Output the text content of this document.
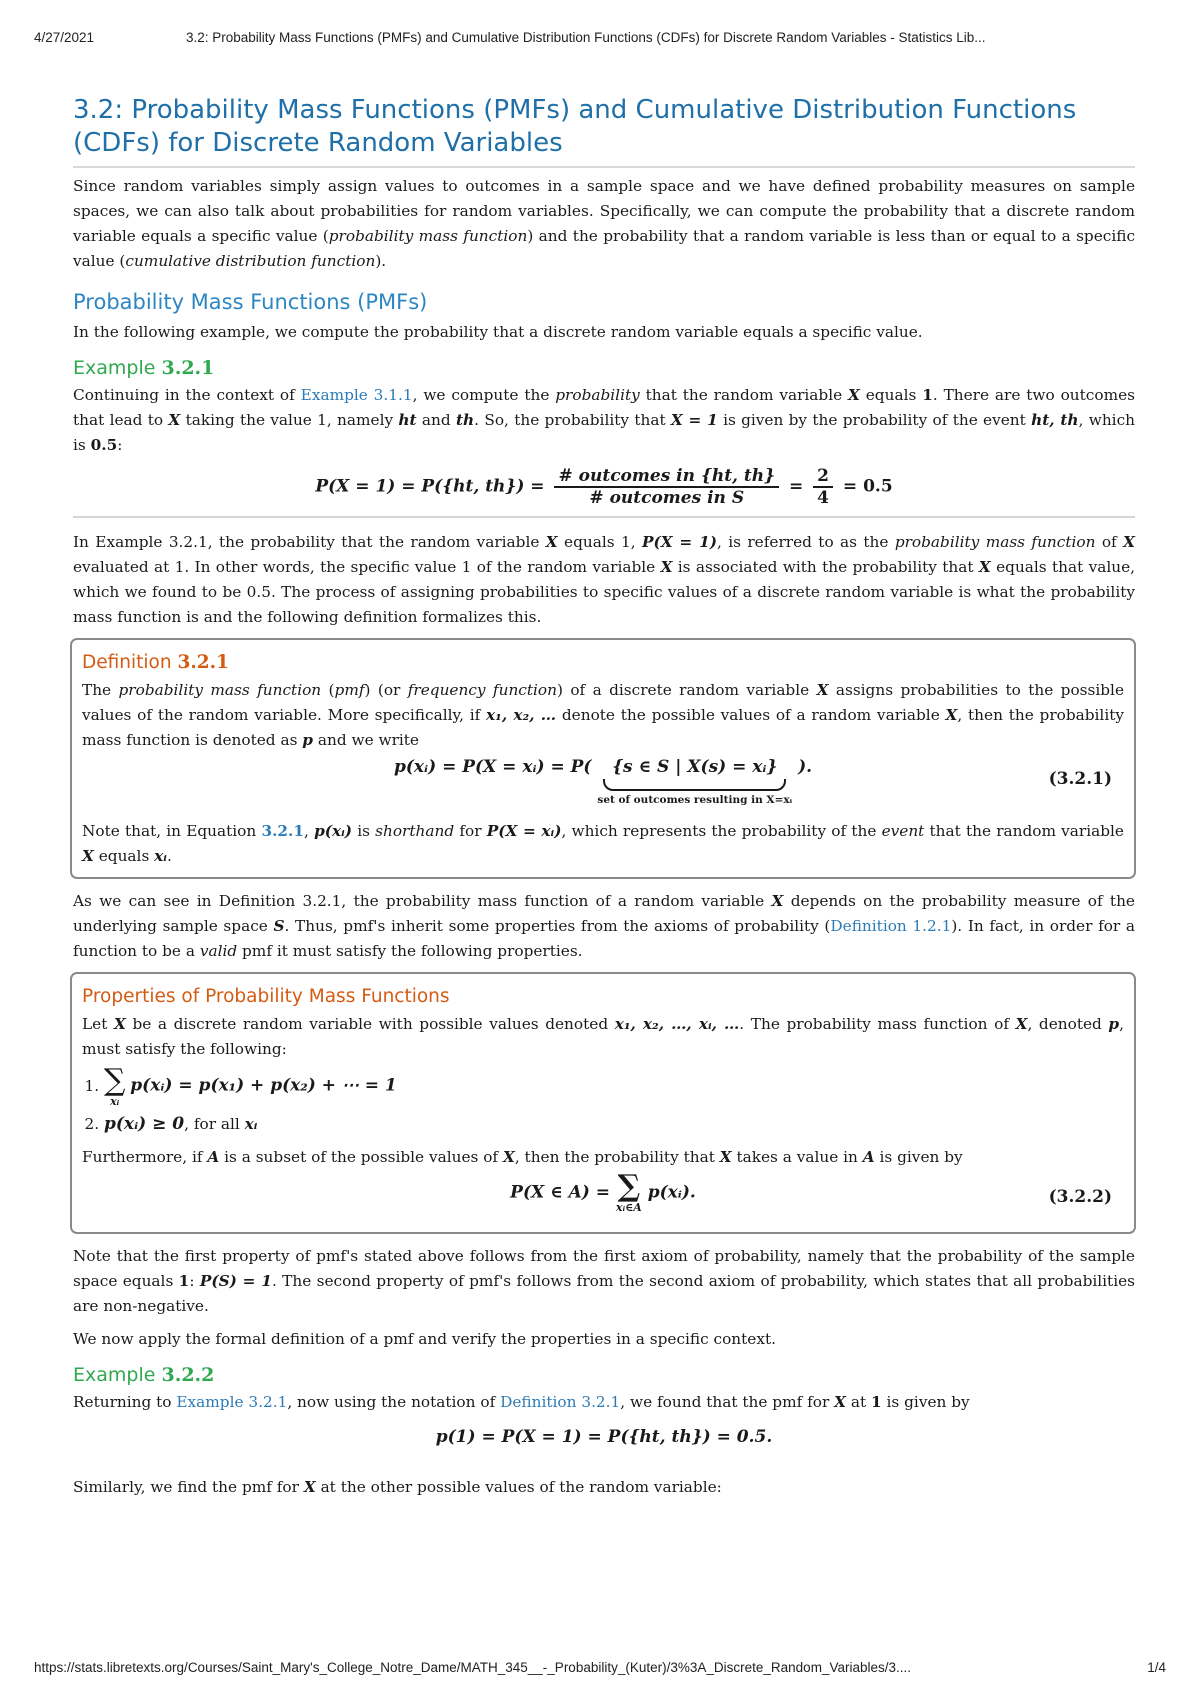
4/27/2021	3.2: Probability Mass Functions (PMFs) and Cumulative Distribution Functions (CDFs) for Discrete Random Variables - Statistics Lib...
3.2: Probability Mass Functions (PMFs) and Cumulative Distribution Functions (CDFs) for Discrete Random Variables

Since random variables simply assign values to outcomes in a sample space and we have defined probability measures on sample spaces, we can also talk about probabilities for random variables. Specifically, we can compute the probability that a discrete random variable equals a specific value (probability mass function) and the probability that a random variable is less than or equal to a specific value (cumulative distribution function).

Probability Mass Functions (PMFs)

In the following example, we compute the probability that a discrete random variable equals a specific value.

Example 3.2.1

Continuing in the context of Example 3.1.1, we compute the probability that the random variable X equals 1. There are two outcomes that lead to X taking the value 1, namely ht and th. So, the probability that X = 1 is given by the probability of the event ht, th, which is 0.5:

P(X = 1) = P({ht, $th\}) = \frac{\text{\# outcomes in \{ht, th\}}}{\text{\# outcomes in S}} = \frac{2}{4} = 0.5$

In Example 3.2.1, the probability that the random variable X equals 1, P(X = 1), is referred to as the probability mass function of X evaluated at 1. In other words, the specific value 1 of the random variable X is associated with the probability that X equals that value, which we found to be 0.5. The process of assigning probabilities to specific values of a discrete random variable is what the probability mass function is and the following definition formalizes this.

Definition 3.2.1

The probability mass function (pmf) (or frequency function) of a discrete random variable X assigns probabilities to the possible values of the random variable. More specifically, if x₁, x₂, … denote the possible values of a random variable X, then the probability mass function is denoted as p and we write

p(xᵢ) = P(X = xᵢ) = P( {s ∈ S | X(s) = xᵢ}
set of outcomes resulting in X=xᵢ
).
(3.2.1)

Note that, in Equation 3.2.1, p(xᵢ) is shorthand for P(X = xᵢ), which represents the probability of the event that the random variable X equals xᵢ.

As we can see in Definition 3.2.1, the probability mass function of a random variable X depends on the probability measure of the underlying sample space S. Thus, pmf's inherit some properties from the axioms of probability (Definition 1.2.1). In fact, in order for a function to be a valid pmf it must satisfy the following properties.

Properties of Probability Mass Functions

Let X be a discrete random variable with possible values denoted x₁, x₂, …, xᵢ, …. The probability mass function of X, denoted p, must satisfy the following:

1. ∑
xᵢ
p(xᵢ) = p(x₁) + p(x₂) + ⋯ = 1
2. p(xᵢ) ≥ 0, for all xᵢ

Furthermore, if A is a subset of the possible values of X, then the probability that X takes a value in A is given by

P(X ∈ A) = ∑
xᵢ∈A
p(xᵢ).	(3.2.2)

Note that the first property of pmf's stated above follows from the first axiom of probability, namely that the probability of the sample space equals 1: P(S) = 1. The second property of pmf's follows from the second axiom of probability, which states that all probabilities are non-negative.

We now apply the formal definition of a pmf and verify the properties in a specific context.

Example 3.2.2

Returning to Example 3.2.1, now using the notation of Definition 3.2.1, we found that the pmf for X at 1 is given by

p(1) = P(X = 1) = P({ht, th}) = 0.5.

Similarly, we find the pmf for X at the other possible values of the random variable:

https://stats.libretexts.org/Courses/Saint_Mary's_College_Notre_Dame/MATH_345__-_Probability_(Kuter)/3%3A_Discrete_Random_Variables/3....	1/4
